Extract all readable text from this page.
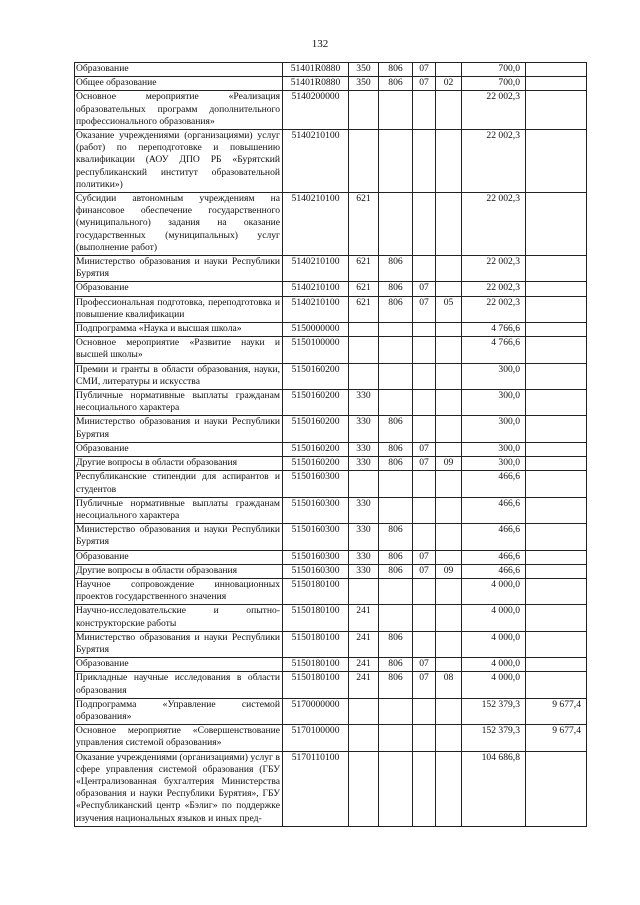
132
Образование	51401R0880	350	806	07		700,0	
Общее образование	51401R0880	350	806	07	02	700,0	
Основное мероприятие «Реализация образовательных программ дополнительного профессионального образования»	5140200000					22 002,3	
Оказание учреждениями (организациями) услуг (работ) по переподготовке и повышению квалификации (АОУ ДПО РБ «Бурятский республиканский институт образовательной политики»)	5140210100					22 002,3	
Субсидии автономным учреждениям на финансовое обеспечение государственного (муниципального) задания на оказание государственных (муниципальных) услуг (выполнение работ)	5140210100	621				22 002,3	
Министерство образования и науки Республики Бурятия	5140210100	621	806			22 002,3	
Образование	5140210100	621	806	07		22 002,3	
Профессиональная подготовка, переподготовка и повышение квалификации	5140210100	621	806	07	05	22 002,3	
Подпрограмма «Наука и высшая школа»	5150000000					4 766,6	
Основное мероприятие «Развитие науки и высшей школы»	5150100000					4 766,6	
Премии и гранты в области образования, науки, СМИ, литературы и искусства	5150160200					300,0	
Публичные нормативные выплаты гражданам несоциального характера	5150160200	330				300,0	
Министерство образования и науки Республики Бурятия	5150160200	330	806			300,0	
Образование	5150160200	330	806	07		300,0	
Другие вопросы в области образования	5150160200	330	806	07	09	300,0	
Республиканские стипендии для аспирантов и студентов	5150160300					466,6	
Публичные нормативные выплаты гражданам несоциального характера	5150160300	330				466,6	
Министерство образования и науки Республики Бурятия	5150160300	330	806			466,6	
Образование	5150160300	330	806	07		466,6	
Другие вопросы в области образования	5150160300	330	806	07	09	466,6	
Научное сопровождение инновационных проектов государственного значения	5150180100					4 000,0	
Научно-исследовательские и опытно-конструкторские работы	5150180100	241				4 000,0	
Министерство образования и науки Республики Бурятия	5150180100	241	806			4 000,0	
Образование	5150180100	241	806	07		4 000,0	
Прикладные научные исследования в области образования	5150180100	241	806	07	08	4 000,0	
Подпрограмма «Управление системой образования»	5170000000					152 379,3	9 677,4
Основное мероприятие «Совершенствование управления системой образования»	5170100000					152 379,3	9 677,4
Оказание учреждениями (организациями) услуг в сфере управления системой образования (ГБУ «Централизованная бухгалтерия Министерства образования и науки Республики Бурятия», ГБУ «Республиканский центр «Бэлиг» по поддержке изучения национальных языков и иных пред-	5170110100					104 686,8	
